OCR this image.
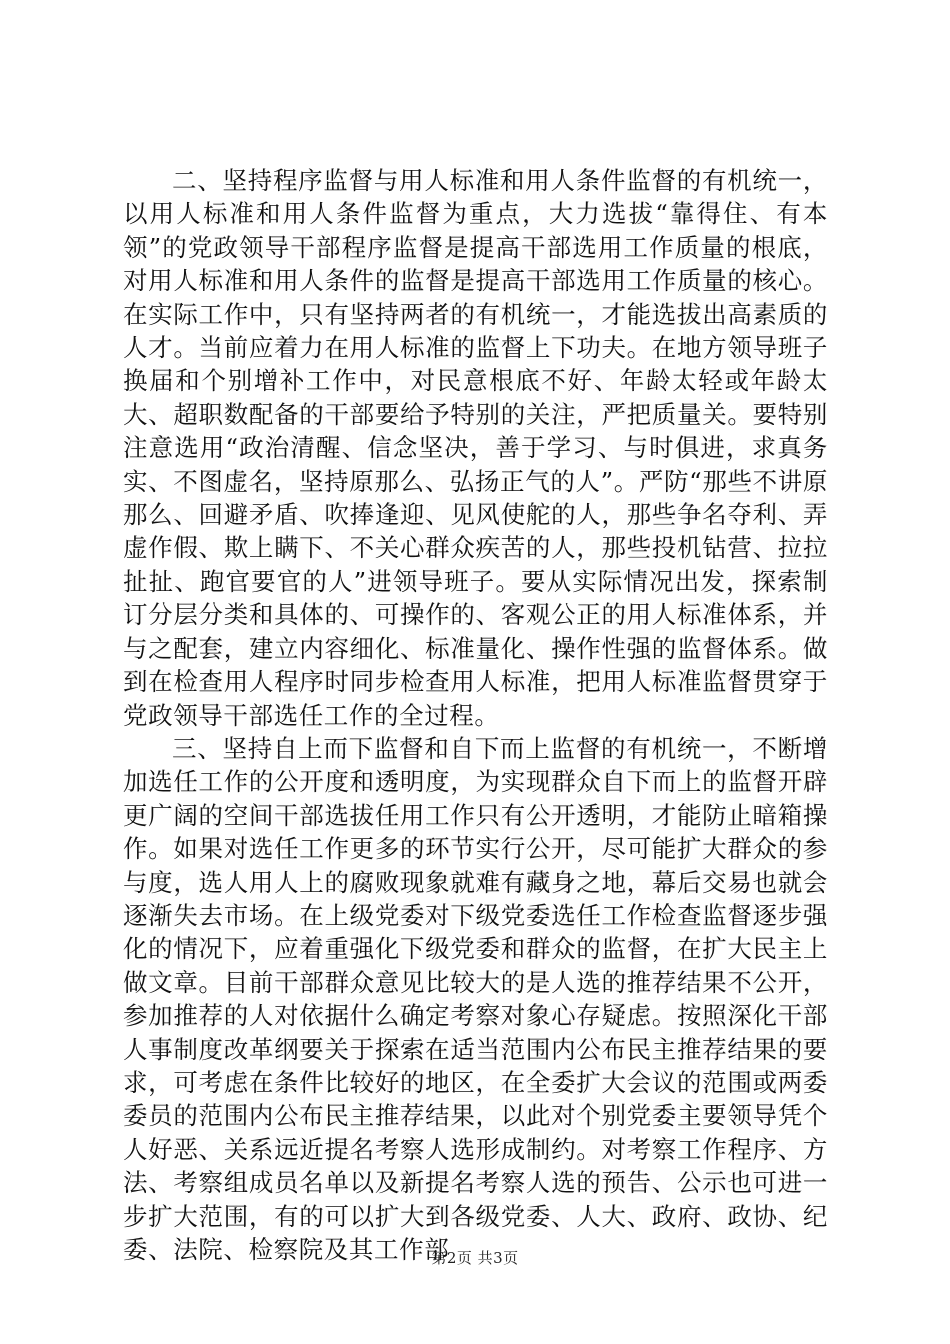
二、坚持程序监督与用人标准和用人条件监督的有机统一，以用人标准和用人条件监督为重点，大力选拔“靠得住、有本领”的党政领导干部程序监督是提高干部选用工作质量的根底，对用人标准和用人条件的监督是提高干部选用工作质量的核心。在实际工作中，只有坚持两者的有机统一，才能选拔出高素质的人才。当前应着力在用人标准的监督上下功夫。在地方领导班子换届和个别增补工作中，对民意根底不好、年龄太轻或年龄太大、超职数配备的干部要给予特别的关注，严把质量关。要特别注意选用“政治清醒、信念坚决，善于学习、与时俱进，求真务实、不图虚名，坚持原那么、弘扬正气的人”。严防“那些不讲原那么、回避矛盾、吹捧逢迎、见风使舵的人，那些争名夺利、弄虚作假、欺上瞒下、不关心群众疾苦的人，那些投机钻营、拉拉扯扯、跑官要官的人”进领导班子。要从实际情况出发，探索制订分层分类和具体的、可操作的、客观公正的用人标准体系，并与之配套，建立内容细化、标准量化、操作性强的监督体系。做到在检查用人程序时同步检查用人标准，把用人标准监督贯穿于党政领导干部选任工作的全过程。

三、坚持自上而下监督和自下而上监督的有机统一，不断增加选任工作的公开度和透明度，为实现群众自下而上的监督开辟更广阔的空间干部选拔任用工作只有公开透明，才能防止暗箱操作。如果对选任工作更多的环节实行公开，尽可能扩大群众的参与度，选人用人上的腐败现象就难有藏身之地，幕后交易也就会逐渐失去市场。在上级党委对下级党委选任工作检查监督逐步强化的情况下，应着重强化下级党委和群众的监督，在扩大民主上做文章。目前干部群众意见比较大的是人选的推荐结果不公开，参加推荐的人对依据什么确定考察对象心存疑虑。按照深化干部人事制度改革纲要关于探索在适当范围内公布民主推荐结果的要求，可考虑在条件比较好的地区，在全委扩大会议的范围或两委委员的范围内公布民主推荐结果，以此对个别党委主要领导凭个人好恶、关系远近提名考察人选形成制约。对考察工作程序、方法、考察组成员名单以及新提名考察人选的预告、公示也可进一步扩大范围，有的可以扩大到各级党委、人大、政府、政协、纪委、法院、检察院及其工作部

第2页 共3页
